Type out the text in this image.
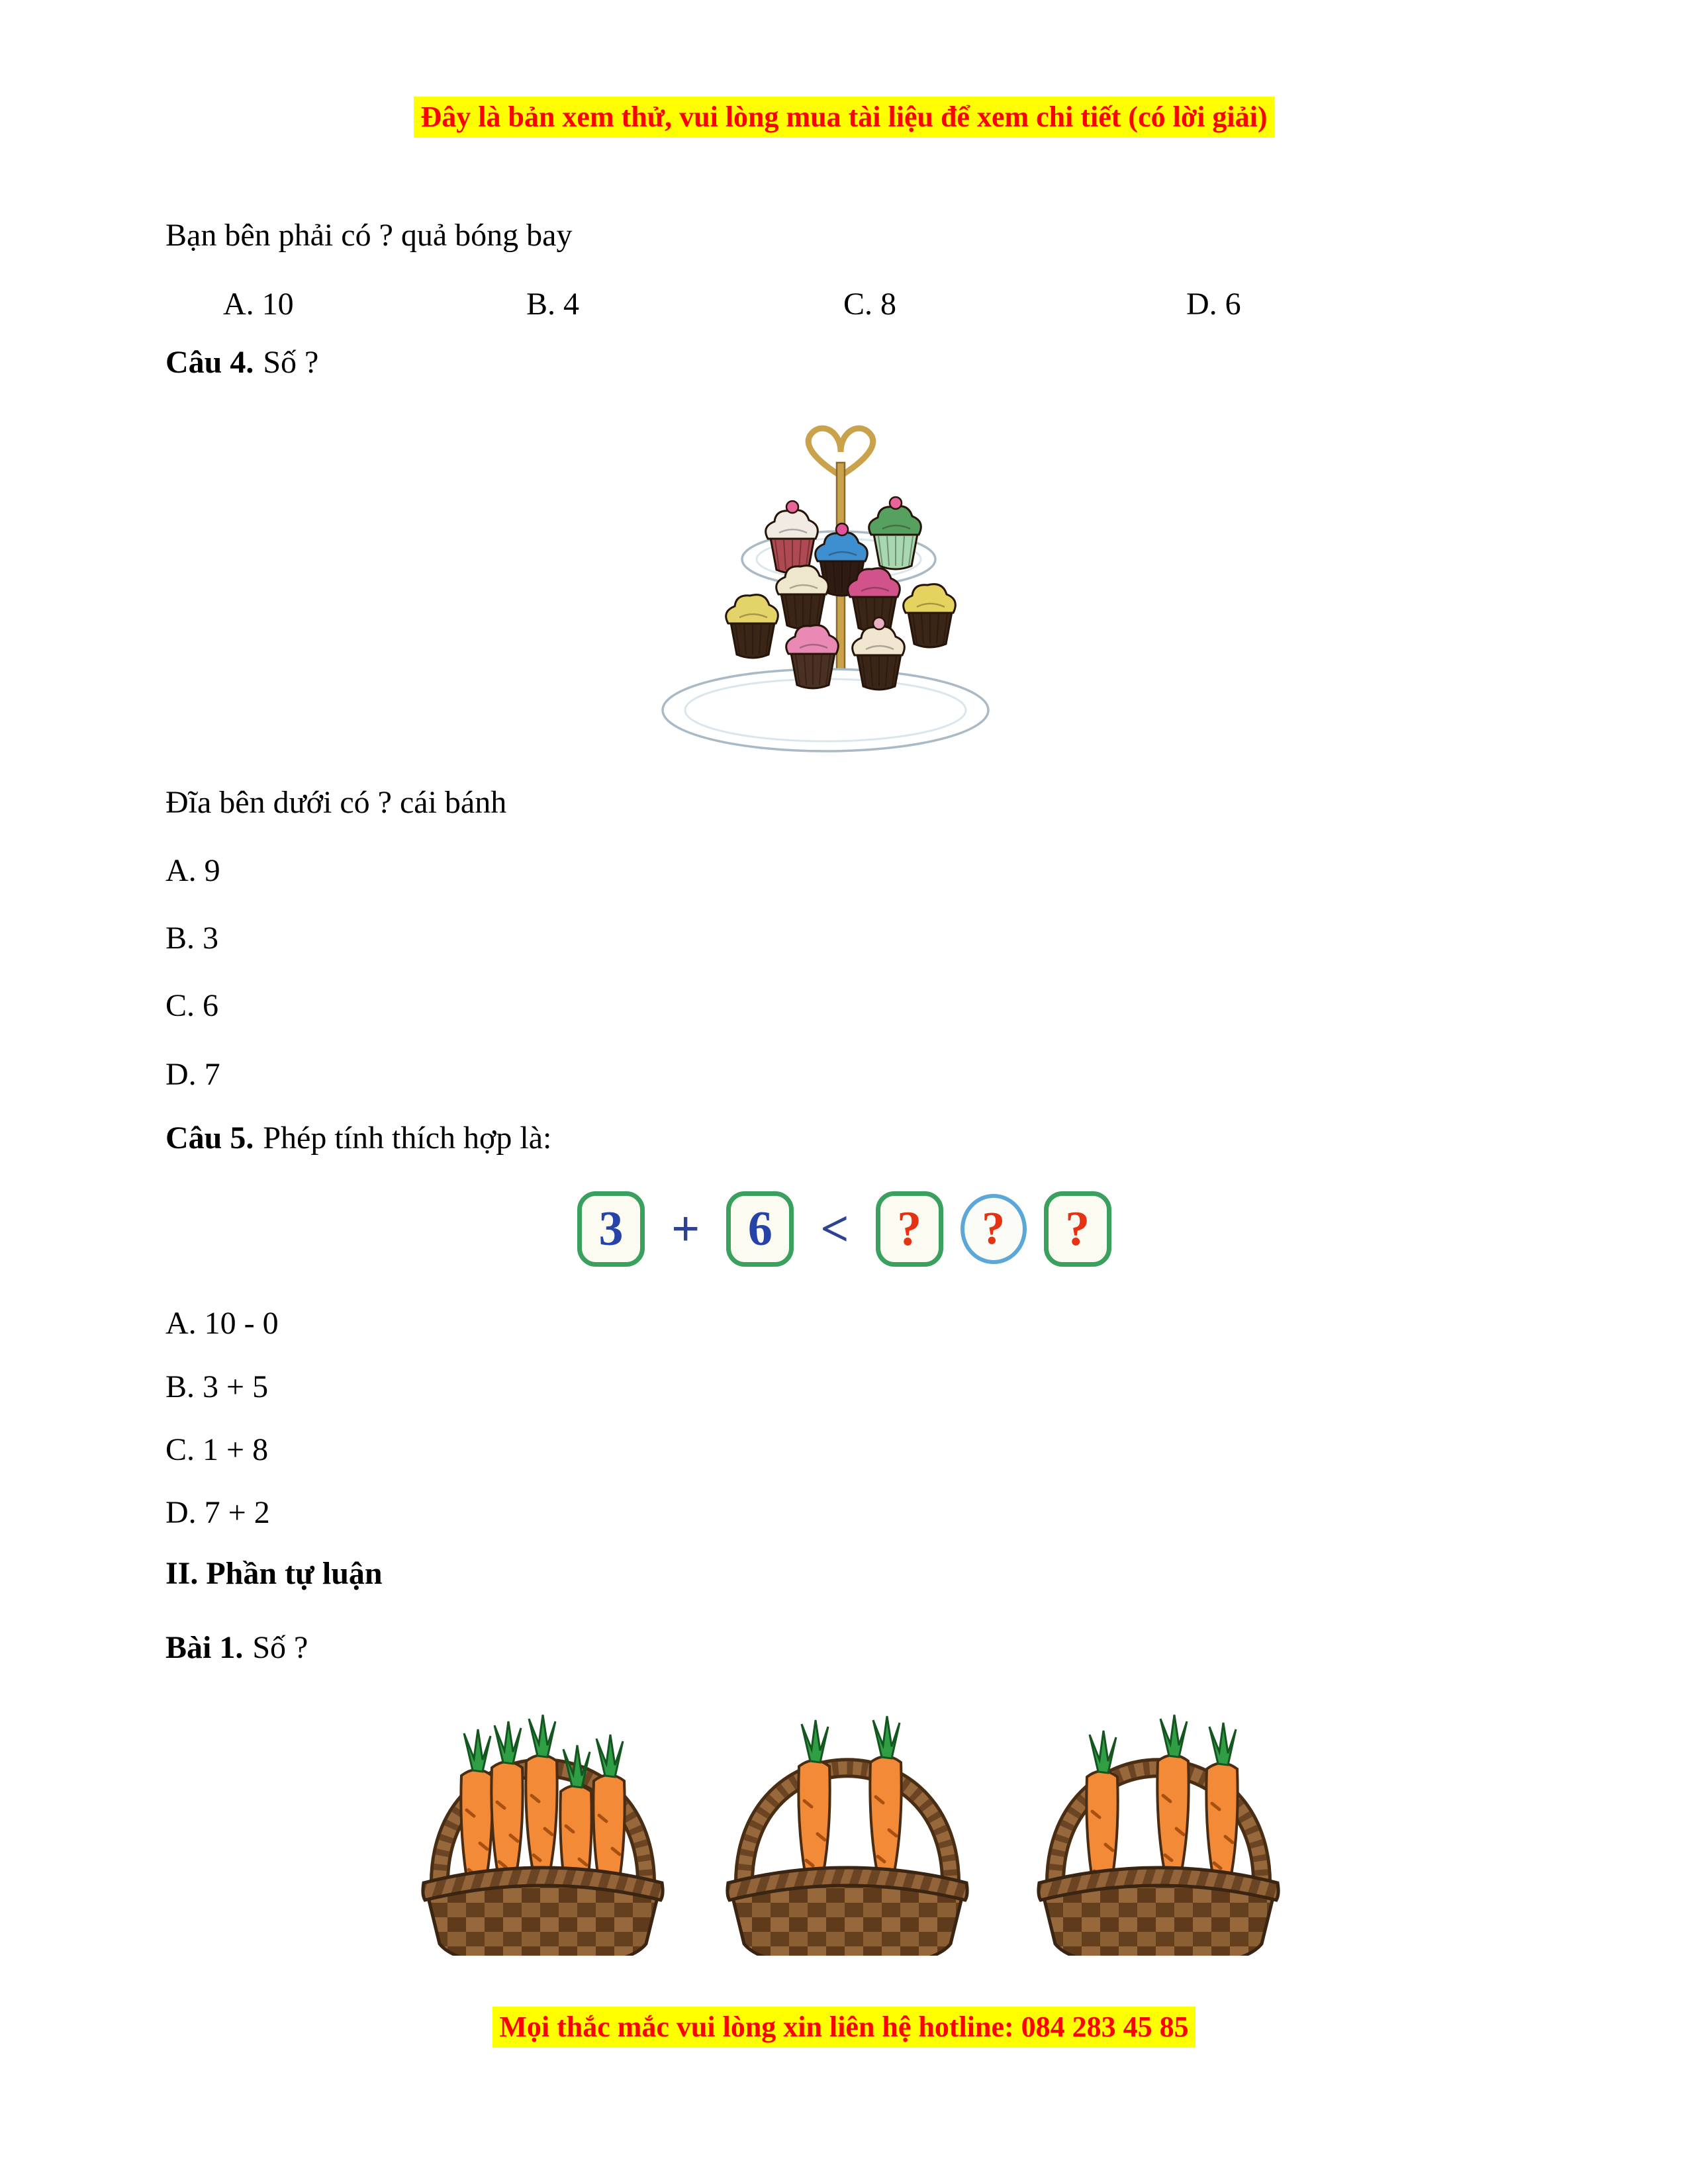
Đây là bản xem thử, vui lòng mua tài liệu để xem chi tiết (có lời giải)
Bạn bên phải có ? quả bóng bay
A. 10	B. 4	C. 8	D. 6
Câu 4. Số ?
Đĩa bên dưới có ? cái bánh
A. 9
B. 3
C. 6
D. 7
Câu 5. Phép tính thích hợp là:
3 + 6 < ?	?	?
A. 10 - 0
B. 3 + 5
C. 1 + 8
D. 7 + 2
II. Phần tự luận
Bài 1. Số ?
Mọi thắc mắc vui lòng xin liên hệ hotline: 084 283 45 85
